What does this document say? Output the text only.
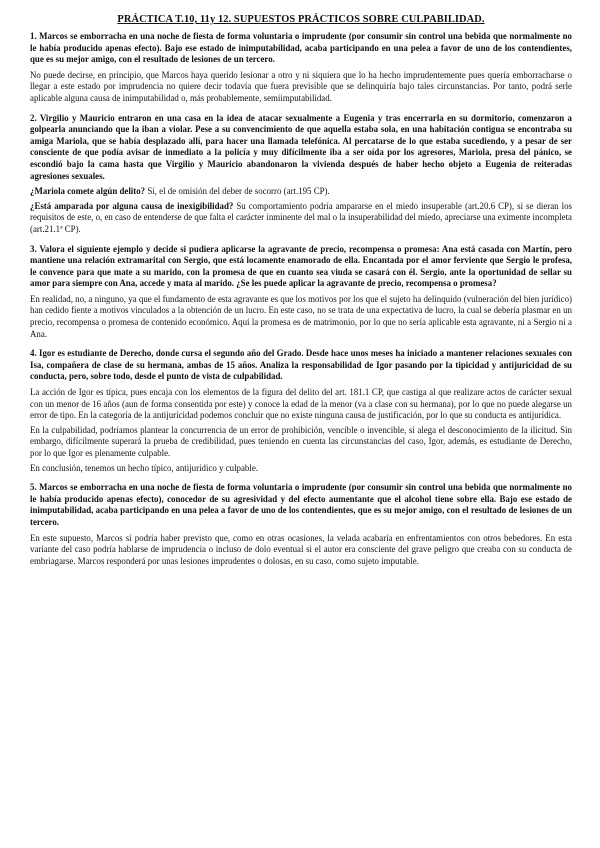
PRÁCTICA T.10, 11y 12. SUPUESTOS PRÁCTICOS SOBRE CULPABILIDAD.

1. Marcos se emborracha en una noche de fiesta de forma voluntaria o imprudente (por consumir sin control una bebida que normalmente no le había producido apenas efecto). Bajo ese estado de inimputabilidad, acaba participando en una pelea a favor de uno de los contendientes, que es su mejor amigo, con el resultado de lesiones de un tercero.

No puede decirse, en principio, que Marcos haya querido lesionar a otro y ni siquiera que lo ha hecho imprudentemente pues quería emborracharse o llegar a este estado por imprudencia no quiere decir todavía que fuera previsible que se delinquiría bajo tales circunstancias. Por tanto, podrá serle aplicable alguna causa de inimputabilidad o, más probablemente, semiimputabilidad.

2. Virgilio y Mauricio entraron en una casa en la idea de atacar sexualmente a Eugenia y tras encerrarla en su dormitorio, comenzaron a golpearla anunciando que la iban a violar. Pese a su convencimiento de que aquella estaba sola, en una habitación contigua se encontraba su amiga Mariola, que se había desplazado allí, para hacer una llamada telefónica. Al percatarse de lo que estaba sucediendo, y a pesar de ser consciente de que podía avisar de inmediato a la policía y muy difícilmente iba a ser oída por los agresores, Mariola, presa del pánico, se escondió bajo la cama hasta que Virgilio y Mauricio abandonaron la vivienda después de haber hecho objeto a Eugenia de reiteradas agresiones sexuales.

¿Mariola comete algún delito? Sí, el de omisión del deber de socorro (art.195 CP).

¿Está amparada por alguna causa de inexigibilidad? Su comportamiento podría ampararse en el miedo insuperable (art.20.6 CP), si se dieran los requisitos de este, o, en caso de entenderse de que falta el carácter inminente del mal o la insuperabilidad del miedo, apreciarse una eximente incompleta (art.21.1ª CP).

3. Valora el siguiente ejemplo y decide si pudiera aplicarse la agravante de precio, recompensa o promesa: Ana está casada con Martín, pero mantiene una relación extramarital con Sergio, que está locamente enamorado de ella. Encantada por el amor ferviente que Sergio le profesa, le convence para que mate a su marido, con la promesa de que en cuanto sea viuda se casará con él. Sergio, ante la oportunidad de sellar su amor para siempre con Ana, accede y mata al marido. ¿Se les puede aplicar la agravante de precio, recompensa o promesa?

En realidad, no, a ninguno, ya que el fundamento de esta agravante es que los motivos por los que el sujeto ha delinquido (vulneración del bien jurídico) han cedido fiente a motivos vinculados a la obtención de un lucro. En este caso, no se trata de una expectativa de lucro, la cual se debería plasmar en un precio, recompensa o promesa de contenido económico. Aquí la promesa es de matrimonio, por lo que no sería aplicable esta agravante, ni a Sergio ni a Ana.

4. Igor es estudiante de Derecho, donde cursa el segundo año del Grado. Desde hace unos meses ha iniciado a mantener relaciones sexuales con Isa, compañera de clase de su hermana, ambas de 15 años. Analiza la responsabilidad de Igor pasando por la tipicidad y antijuricidad de su conducta, pero, sobre todo, desde el punto de vista de culpabilidad.

La acción de Igor es típica, pues encaja con los elementos de la figura del delito del art. 181.1 CP, que castiga al que realizare actos de carácter sexual con un menor de 16 años (aun de forma consentida por este) y conoce la edad de la menor (va a clase con su hermana), por lo que no puede alegarse un error de tipo. En la categoría de la antijuricidad podemos concluir que no existe ninguna causa de justificación, por lo que su conducta es antijurídica.

En la culpabilidad, podríamos plantear la concurrencia de un error de prohibición, vencible o invencible, si alega el desconocimiento de la ilicitud. Sin embargo, difícilmente superará la prueba de credibilidad, pues teniendo en cuenta las circunstancias del caso, Igor, además, es estudiante de Derecho, por lo que Igor es plenamente culpable.

En conclusión, tenemos un hecho típico, antijurídico y culpable.

5. Marcos se emborracha en una noche de fiesta de forma voluntaria o imprudente (por consumir sin control una bebida que normalmente no le había producido apenas efecto), conocedor de su agresividad y del efecto aumentante que el alcohol tiene sobre ella. Bajo ese estado de inimputabilidad, acaba participando en una pelea a favor de uno de los contendientes, que es su mejor amigo, con el resultado de lesiones de un tercero.

En este supuesto, Marcos sí podría haber previsto que, como en otras ocasiones, la velada acabaría en enfrentamientos con otros bebedores. En esta variante del caso podría hablarse de imprudencia o incluso de dolo eventual si el autor era consciente del grave peligro que creaba con su conducta de embriagarse. Marcos responderá por unas lesiones imprudentes o dolosas, en su caso, como sujeto imputable.
